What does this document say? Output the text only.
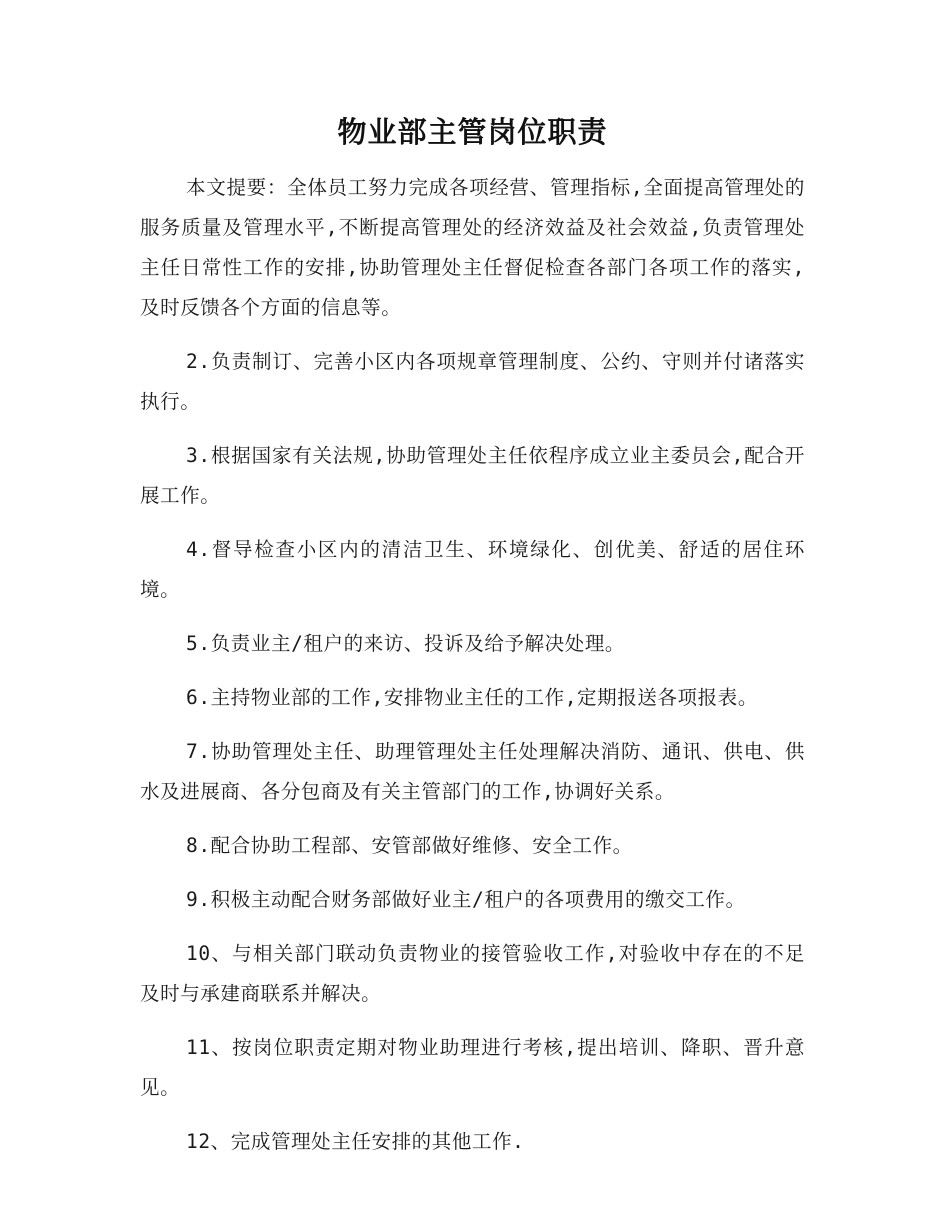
物业部主管岗位职责

本文提要：全体员工努力完成各项经营、管理指标,全面提高管理处的服务质量及管理水平,不断提高管理处的经济效益及社会效益,负责管理处主任日常性工作的安排,协助管理处主任督促检查各部门各项工作的落实,及时反馈各个方面的信息等。

2.负责制订、完善小区内各项规章管理制度、公约、守则并付诸落实执行。

3.根据国家有关法规,协助管理处主任依程序成立业主委员会,配合开展工作。

4.督导检查小区内的清洁卫生、环境绿化、创优美、舒适的居住环境。

5.负责业主/租户的来访、投诉及给予解决处理。

6.主持物业部的工作,安排物业主任的工作,定期报送各项报表。

7.协助管理处主任、助理管理处主任处理解决消防、通讯、供电、供水及进展商、各分包商及有关主管部门的工作,协调好关系。

8.配合协助工程部、安管部做好维修、安全工作。

9.积极主动配合财务部做好业主/租户的各项费用的缴交工作。

10、与相关部门联动负责物业的接管验收工作,对验收中存在的不足及时与承建商联系并解决。

11、按岗位职责定期对物业助理进行考核,提出培训、降职、晋升意见。

12、完成管理处主任安排的其他工作.
